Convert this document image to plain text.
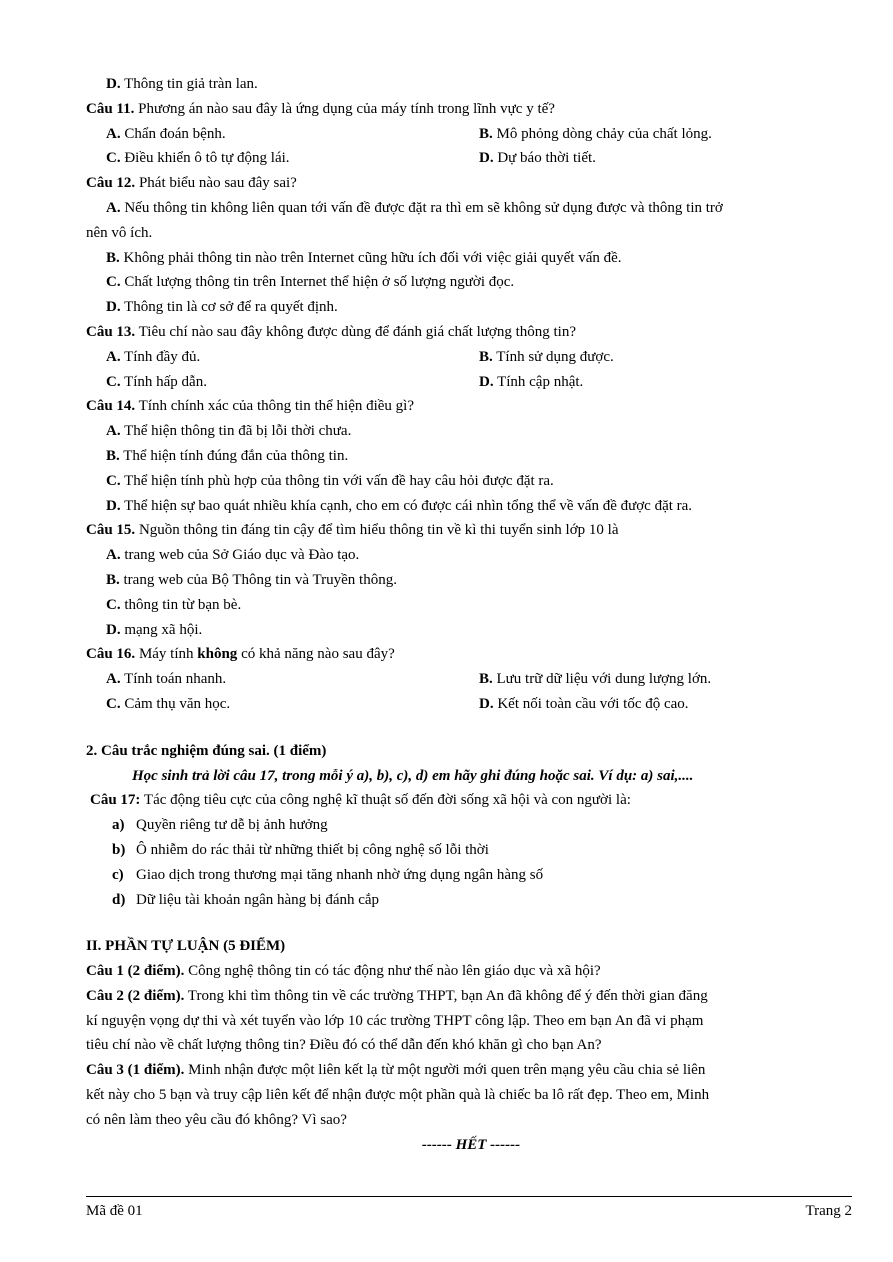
D. Thông tin giả tràn lan.
Câu 11. Phương án nào sau đây là ứng dụng của máy tính trong lĩnh vực y tế?
A. Chẩn đoán bệnh.	B. Mô phỏng dòng chảy của chất lỏng.
C. Điều khiển ô tô tự động lái.	D. Dự báo thời tiết.
Câu 12. Phát biểu nào sau đây sai?
A. Nếu thông tin không liên quan tới vấn đề được đặt ra thì em sẽ không sử dụng được và thông tin trở
nên vô ích.
B. Không phải thông tin nào trên Internet cũng hữu ích đối với việc giải quyết vấn đề.
C. Chất lượng thông tin trên Internet thể hiện ở số lượng người đọc.
D. Thông tin là cơ sở để ra quyết định.
Câu 13. Tiêu chí nào sau đây không được dùng để đánh giá chất lượng thông tin?
A. Tính đầy đủ.	B. Tính sử dụng được.
C. Tính hấp dẫn.	D. Tính cập nhật.
Câu 14. Tính chính xác của thông tin thể hiện điều gì?
A. Thể hiện thông tin đã bị lỗi thời chưa.
B. Thể hiện tính đúng đắn của thông tin.
C. Thể hiện tính phù hợp của thông tin với vấn đề hay câu hỏi được đặt ra.
D. Thể hiện sự bao quát nhiều khía cạnh, cho em có được cái nhìn tổng thể về vấn đề được đặt ra.
Câu 15. Nguồn thông tin đáng tin cậy để tìm hiểu thông tin về kì thi tuyển sinh lớp 10 là
A. trang web của Sở Giáo dục và Đào tạo.
B. trang web của Bộ Thông tin và Truyền thông.
C. thông tin từ bạn bè.
D. mạng xã hội.
Câu 16. Máy tính không có khả năng nào sau đây?
A. Tính toán nhanh.	B. Lưu trữ dữ liệu với dung lượng lớn.
C. Cảm thụ văn học.	D. Kết nối toàn cầu với tốc độ cao.
2. Câu trắc nghiệm đúng sai. (1 điểm)
Học sinh trả lời câu 17, trong mỗi ý a), b), c), d) em hãy ghi đúng hoặc sai. Ví dụ: a) sai,....
Câu 17: Tác động tiêu cực của công nghệ kĩ thuật số đến đời sống xã hội và con người là:
a) Quyền riêng tư dễ bị ảnh hưởng
b) Ô nhiễm do rác thải từ những thiết bị công nghệ số lỗi thời
c) Giao dịch trong thương mại tăng nhanh nhờ ứng dụng ngân hàng số
d) Dữ liệu tài khoản ngân hàng bị đánh cắp
II. PHẦN TỰ LUẬN (5 ĐIỂM)
Câu 1 (2 điểm). Công nghệ thông tin có tác động như thế nào lên giáo dục và xã hội?
Câu 2 (2 điểm). Trong khi tìm thông tin về các trường THPT, bạn An đã không để ý đến thời gian đăng
kí nguyện vọng dự thi và xét tuyển vào lớp 10 các trường THPT công lập. Theo em bạn An đã vi phạm
tiêu chí nào về chất lượng thông tin? Điều đó có thể dẫn đến khó khăn gì cho bạn An?
Câu 3 (1 điểm). Minh nhận được một liên kết lạ từ một người mới quen trên mạng yêu cầu chia sẻ liên
kết này cho 5 bạn và truy cập liên kết để nhận được một phần quà là chiếc ba lô rất đẹp. Theo em, Minh
có nên làm theo yêu cầu đó không? Vì sao?
------ HẾT ------
Mã đề 01	Trang 2
